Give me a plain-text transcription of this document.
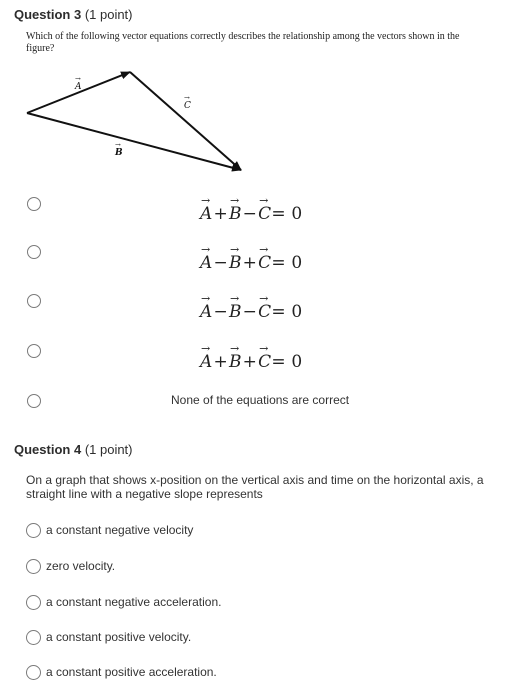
Question 3 (1 point)
Which of the following vector equations correctly describes the relationship among the vectors shown in the figure?
A
→
C
→
B
→
→ A+→ B−→ C= 0
→ A−→ B+→ C= 0
→ A−→ B−→ C= 0
→ A+→ B+→ C= 0
None of the equations are correct
Question 4 (1 point)
On a graph that shows x-position on the vertical axis and time on the horizontal axis, a straight line with a negative slope represents
a constant negative velocity
zero velocity.
a constant negative acceleration.
a constant positive velocity.
a constant positive acceleration.
